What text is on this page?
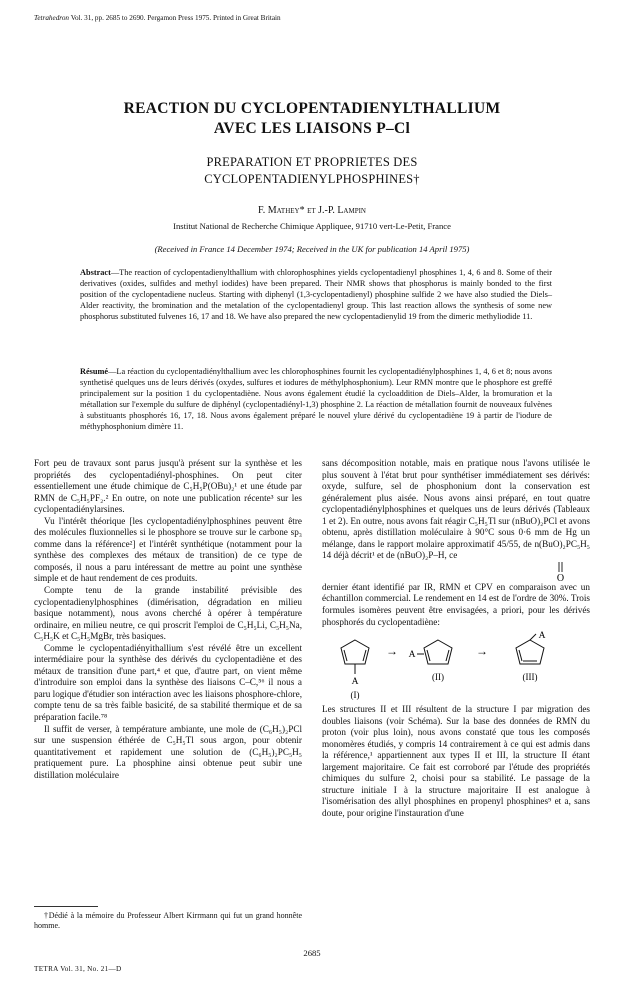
Tetrahedron Vol. 31, pp. 2685 to 2690. Pergamon Press 1975. Printed in Great Britain
REACTION DU CYCLOPENTADIENYLTHALLIUM
AVEC LES LIAISONS P–Cl
PREPARATION ET PROPRIETES DES
CYCLOPENTADIENYLPHOSPHINES†
F. Mathey* et J.-P. Lampin
Institut National de Recherche Chimique Appliquee, 91710 vert-Le-Petit, France
(Received in France 14 December 1974; Received in the UK for publication 14 April 1975)
Abstract—The reaction of cyclopentadienylthallium with chlorophosphines yields cyclopentadienyl phosphines 1, 4, 6 and 8. Some of their derivatives (oxides, sulfides and methyl iodides) have been prepared. Their NMR shows that phosphorus is mainly bonded to the first position of the cyclopentadiene nucleus. Starting with diphenyl (1,3-cyclopentadienyl) phosphine sulfide 2 we have also studied the Diels–Alder reactivity, the bromination and the metalation of the cyclopentadienyl group. This last reaction allows the synthesis of some new phosphorus substituted fulvenes 16, 17 and 18. We have also prepared the new cyclopentadienylid 19 from the dimeric methyliodide 11.
Résumé—La réaction du cyclopentadiénylthallium avec les chlorophosphines fournit les cyclopentadiénylphosphines 1, 4, 6 et 8; nous avons synthetisé quelques uns de leurs dérivés (oxydes, sulfures et iodures de méthylphosphonium). Leur RMN montre que le phosphore est greffé principalement sur la position 1 du cyclopentadiène. Nous avons également étudié la cycloaddition de Diels–Alder, la bromuration et la métallation sur l'exemple du sulfure de diphényl (cyclopentadiényl-1,3) phosphine 2. La réaction de métallation fournit de nouveaux fulvènes à substituants phosphorés 16, 17, 18. Nous avons également préparé le nouvel ylure dérivé du cyclopentadiène 19 à partir de l'iodure de méthyphosphonium dimère 11.

Fort peu de travaux sont parus jusqu'à présent sur la synthèse et les propriétés des cyclopentadiényl-phosphines. On peut citer essentiellement une étude chimique de C₅H₅P(OBu)₂¹ et une étude par RMN de C₅H₅PF₂.² En outre, on note une publication récente³ sur les cyclopentadiénylarsines.

Vu l'intérêt théorique [les cyclopentadiénylphosphines peuvent être des molécules fluxionnelles si le phosphore se trouve sur le carbone sp₃ comme dans la référence²] et l'intérêt synthétique (notamment pour la synthèse des complexes des métaux de transition) de ce type de composés, il nous a paru intéressant de mettre au point une synthèse simple et de haut rendement de ces produits.

Compte tenu de la grande instabilité prévisible des cyclopentadienylphosphines (dimérisation, dégradation en milieu basique notamment), nous avons cherché à opérer à température ordinaire, en milieu neutre, ce qui proscrit l'emploi de C₅H₅Li, C₅H₅Na, C₅H₅K et C₅H₅MgBr, très basiques.

Comme le cyclopentadiényithallium s'est révélé être un excellent intermédiaire pour la synthèse des dérivés du cyclopentadiène et des métaux de transition d'une part,⁴ et que, d'autre part, on vient même d'introduire son emploi dans la synthèse des liaisons C–C,⁵⁶ il nous a paru logique d'étudier son intéraction avec les liaisons phosphore-chlore, compte tenu de sa très faible basicité, de sa stabilité thermique et de sa préparation facile.⁷⁸

Il suffit de verser, à température ambiante, une mole de (C₆H₅)₂PCl sur une suspension éthérée de C₅H₅Tl sous argon, pour obtenir quantitativement et rapidement une solution de (C₆H₅)₂PC₅H₅ pratiquement pure. La phosphine ainsi obtenue peut subir une distillation moléculaire

sans décomposition notable, mais en pratique nous l'avons utilisée le plus souvent à l'état brut pour synthétiser immédiatement ses dérivés: oxyde, sulfure, sel de phosphonium dont la conservation est généralement plus aisée. Nous avons ainsi préparé, en tout quatre cyclopentadiénylphosphines et quelques uns de leurs dérivés (Tableaux 1 et 2). En outre, nous avons fait réagir C₅H₅Tl sur (nBuO)₂PCl et avons obtenu, après distillation moléculaire à 90°C sous 0·6 mm de Hg un mélange, dans le rapport molaire approximatif 45/55, de n(BuO)₂PC₅H₅ 14 déjà décrit¹ et de (nBuO)₂P–H, ce

O

dernier étant identifié par IR, RMN et CPV en comparaison avec un échantillon commercial. Le rendement en 14 est de l'ordre de 30%. Trois formules isomères peuvent être envisagées, a priori, pour les dérivés phosphorés du cyclopentadiène:

A
(I)
→ A
(II)
→
A
(III)

Les structures II et III résultent de la structure I par migration des doubles liaisons (voir Schéma). Sur la base des données de RMN du proton (voir plus loin), nous avons constaté que tous les composés monomères étudiés, y compris 14 contrairement à ce qui est admis dans la référence,¹ appartiennent aux types II et III, la structure II étant largement majoritaire. Ce fait est corroboré par l'étude des propriétés chimiques du sulfure 2, choisi pour sa stabilité. Le passage de la structure initiale I à la structure majoritaire II est analogue à l'isomérisation des allyl phosphines en propenyl phosphines⁹ et a, sans doute, pour origine l'instauration d'une

†Dédié à la mémoire du Professeur Albert Kirrmann qui fut un grand honnête homme.
2685
TETRA Vol. 31, No. 21—D
